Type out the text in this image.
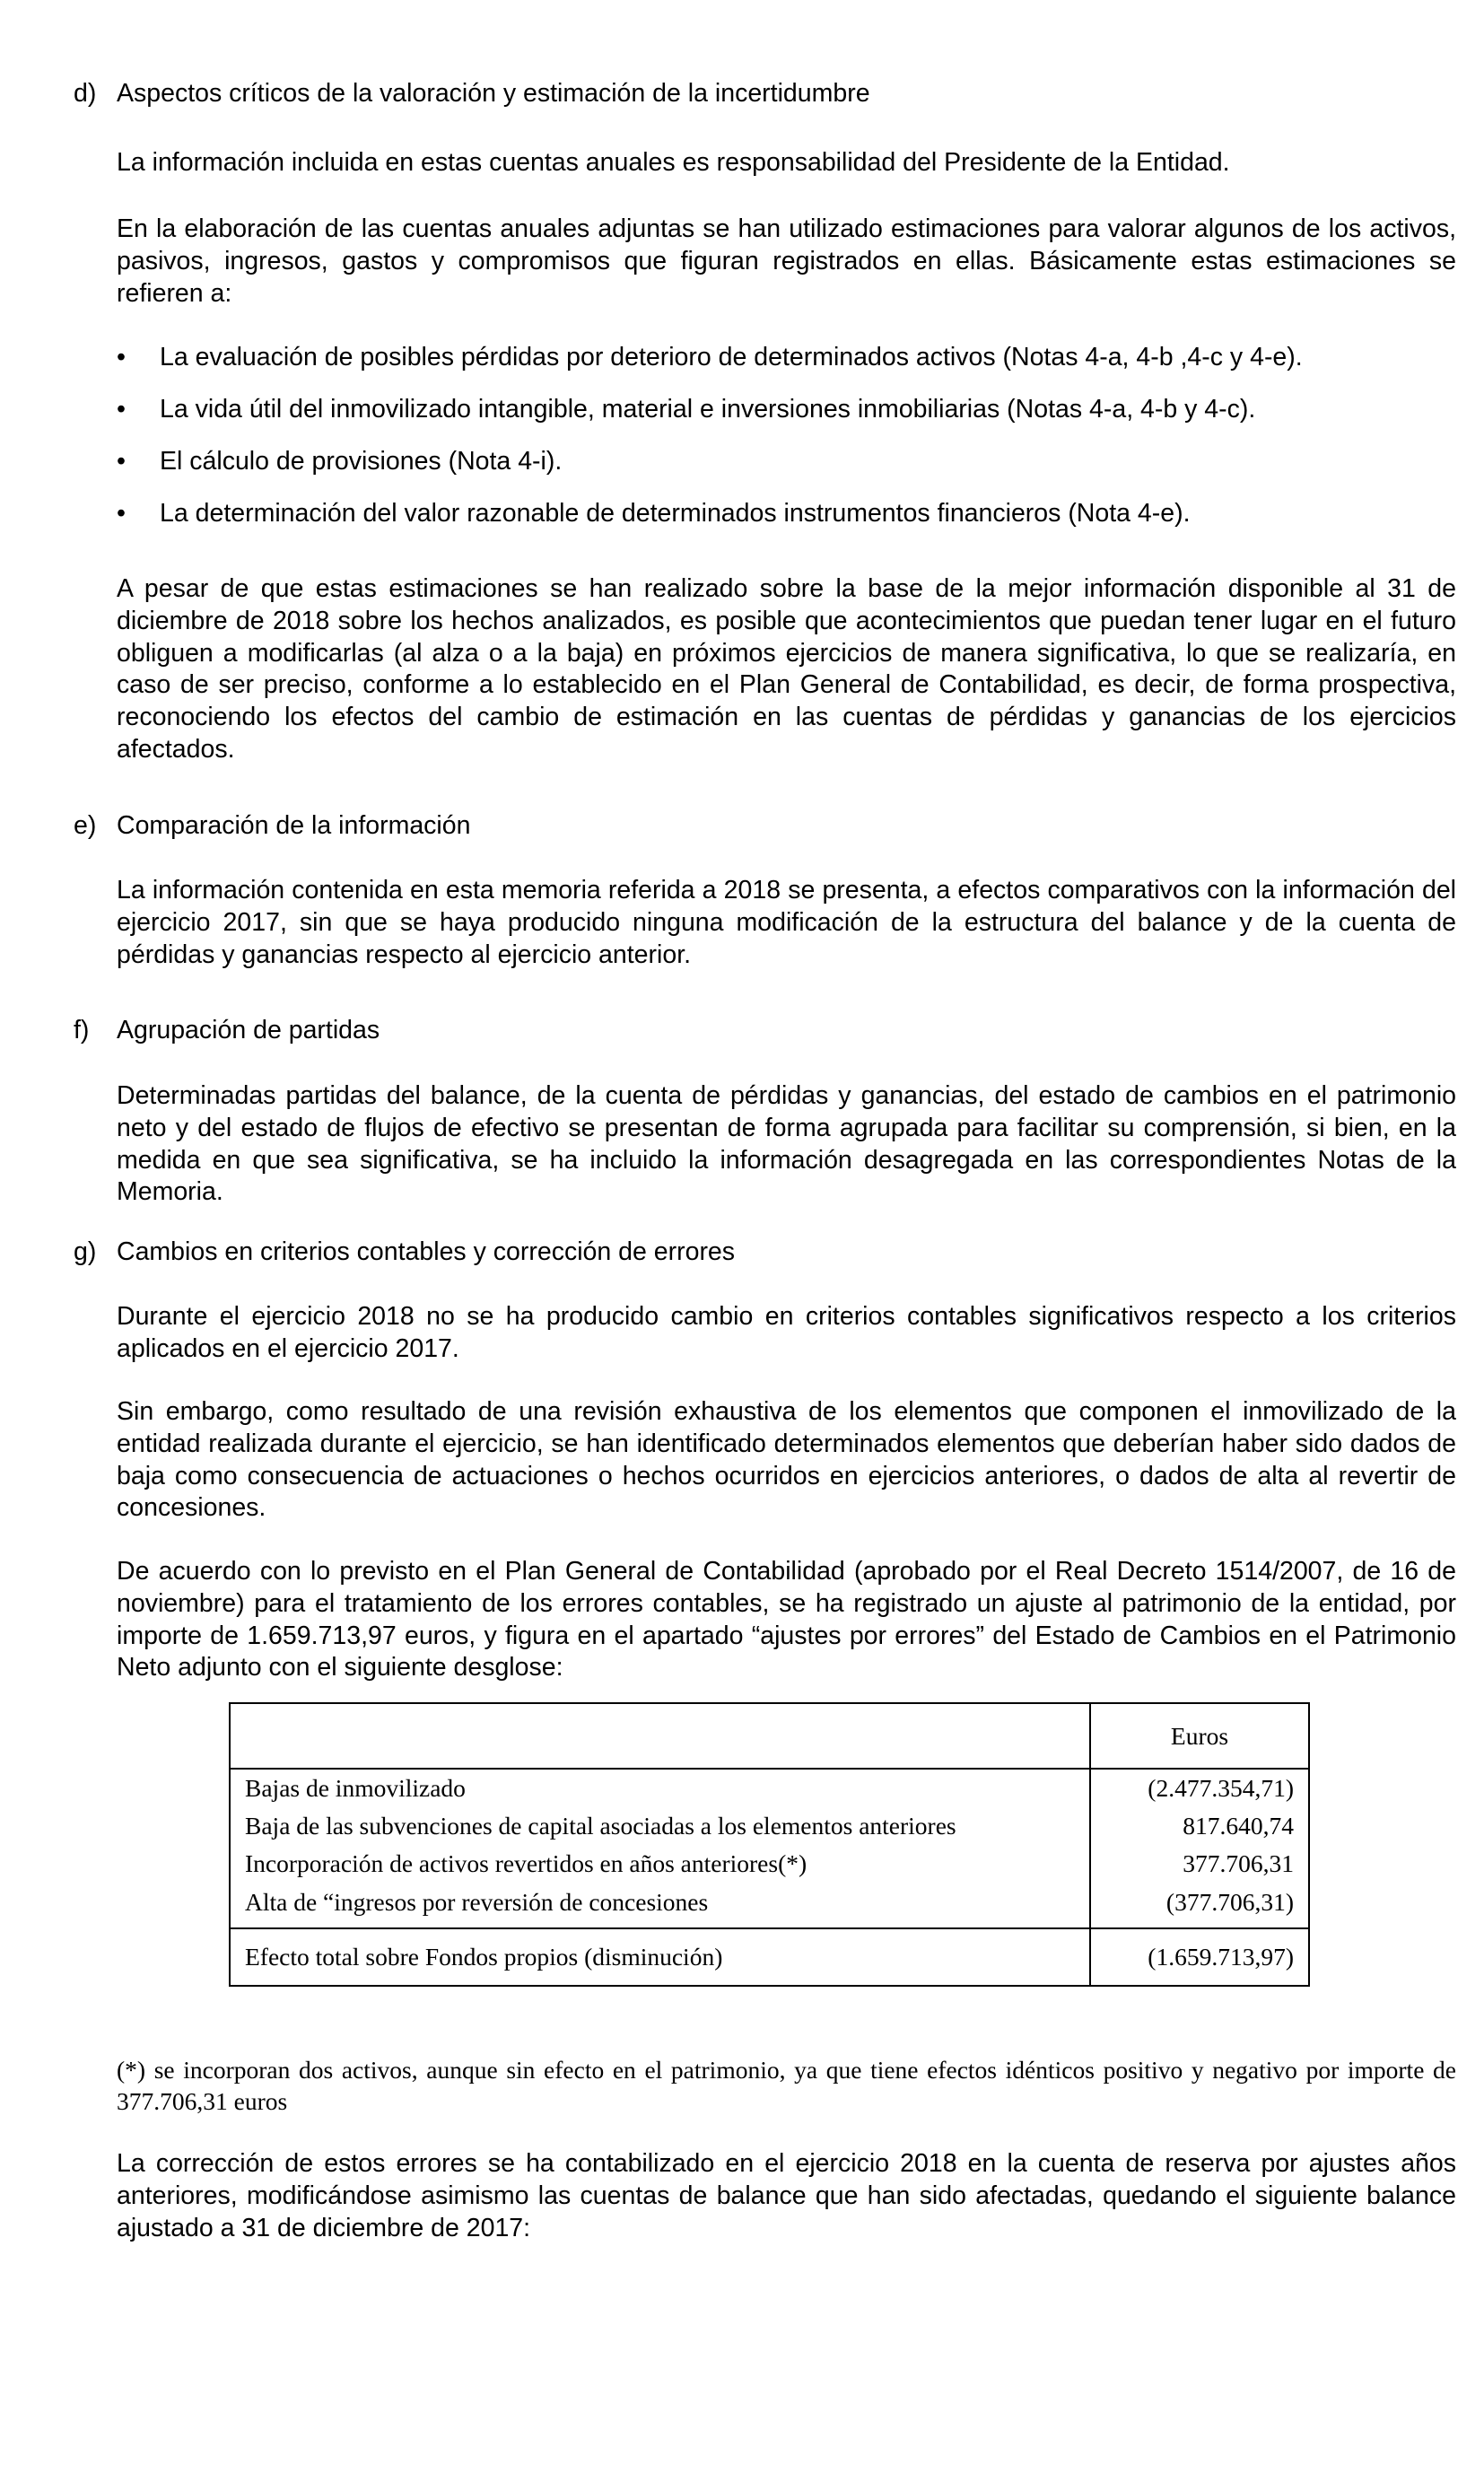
d) Aspectos críticos de la valoración y estimación de la incertidumbre

La información incluida en estas cuentas anuales es responsabilidad del Presidente de la Entidad.

En la elaboración de las cuentas anuales adjuntas se han utilizado estimaciones para valorar algunos de los activos, pasivos, ingresos, gastos y compromisos que figuran registrados en ellas. Básicamente estas estimaciones se refieren a:

• La evaluación de posibles pérdidas por deterioro de determinados activos (Notas 4-a, 4-b ,4-c y 4-e).
• La vida útil del inmovilizado intangible, material e inversiones inmobiliarias (Notas 4-a, 4-b y 4-c).
• El cálculo de provisiones (Nota 4-i).
• La determinación del valor razonable de determinados instrumentos financieros (Nota 4-e).

A pesar de que estas estimaciones se han realizado sobre la base de la mejor información disponible al 31 de diciembre de 2018 sobre los hechos analizados, es posible que acontecimientos que puedan tener lugar en el futuro obliguen a modificarlas (al alza o a la baja) en próximos ejercicios de manera significativa, lo que se realizaría, en caso de ser preciso, conforme a lo establecido en el Plan General de Contabilidad, es decir, de forma prospectiva, reconociendo los efectos del cambio de estimación en las cuentas de pérdidas y ganancias de los ejercicios afectados.

e) Comparación de la información

La información contenida en esta memoria referida a 2018 se presenta, a efectos comparativos con la información del ejercicio 2017, sin que se haya producido ninguna modificación de la estructura del balance y de la cuenta de pérdidas y ganancias respecto al ejercicio anterior.

f) Agrupación de partidas

Determinadas partidas del balance, de la cuenta de pérdidas y ganancias, del estado de cambios en el patrimonio neto y del estado de flujos de efectivo se presentan de forma agrupada para facilitar su comprensión, si bien, en la medida en que sea significativa, se ha incluido la información desagregada en las correspondientes Notas de la Memoria.

g) Cambios en criterios contables y corrección de errores

Durante el ejercicio 2018 no se ha producido cambio en criterios contables significativos respecto a los criterios aplicados en el ejercicio 2017.

Sin embargo, como resultado de una revisión exhaustiva de los elementos que componen el inmovilizado de la entidad realizada durante el ejercicio, se han identificado determinados elementos que deberían haber sido dados de baja como consecuencia de actuaciones o hechos ocurridos en ejercicios anteriores, o dados de alta al revertir de concesiones.

De acuerdo con lo previsto en el Plan General de Contabilidad (aprobado por el Real Decreto 1514/2007, de 16 de noviembre) para el tratamiento de los errores contables, se ha registrado un ajuste al patrimonio de la entidad, por importe de 1.659.713,97 euros, y figura en el apartado “ajustes por errores” del Estado de Cambios en el Patrimonio Neto adjunto con el siguiente desglose:

	Euros
Bajas de inmovilizado	(2.477.354,71)
Baja de las subvenciones de capital asociadas a los elementos anteriores	817.640,74
Incorporación de activos revertidos en años anteriores(*)	377.706,31
Alta de “ingresos por reversión de concesiones	(377.706,31)
Efecto total sobre Fondos propios (disminución)	(1.659.713,97)

(*) se incorporan dos activos, aunque sin efecto en el patrimonio, ya que tiene efectos idénticos positivo y negativo por importe de 377.706,31 euros

La corrección de estos errores se ha contabilizado en el ejercicio 2018 en la cuenta de reserva por ajustes años anteriores, modificándose asimismo las cuentas de balance que han sido afectadas, quedando el siguiente balance ajustado a 31 de diciembre de 2017:
